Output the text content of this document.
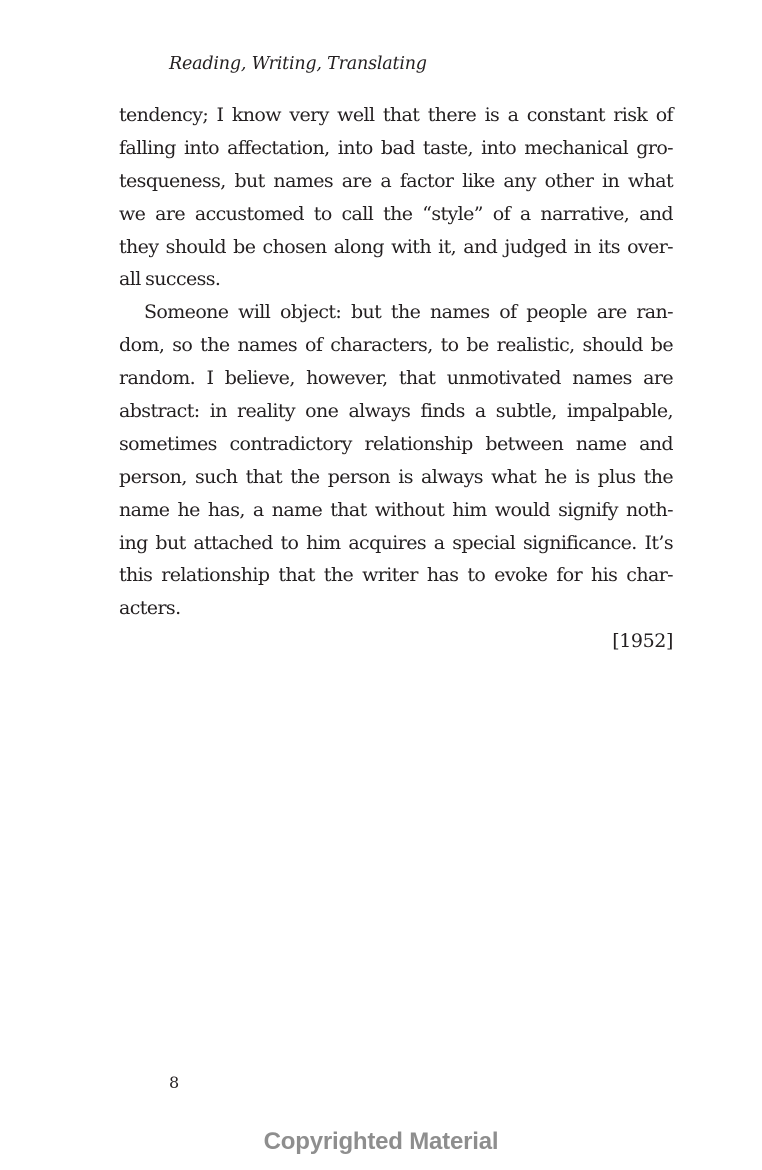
Reading, Writing, Translating
tendency; I know very well that there is a constant risk of
falling into affectation, into bad taste, into mechanical gro-
tesqueness, but names are a factor like any other in what
we are accustomed to call the “style” of a narrative, and
they should be chosen along with it, and judged in its over-
all success.
Someone will object: but the names of people are ran-
dom, so the names of characters, to be realistic, should be
random. I believe, however, that unmotivated names are
abstract: in reality one always finds a subtle, impalpable,
sometimes contradictory relationship between name and
person, such that the person is always what he is plus the
name he has, a name that without him would signify noth-
ing but attached to him acquires a special significance. It’s
this relationship that the writer has to evoke for his char-
acters.
[1952]
8
Copyrighted Material
